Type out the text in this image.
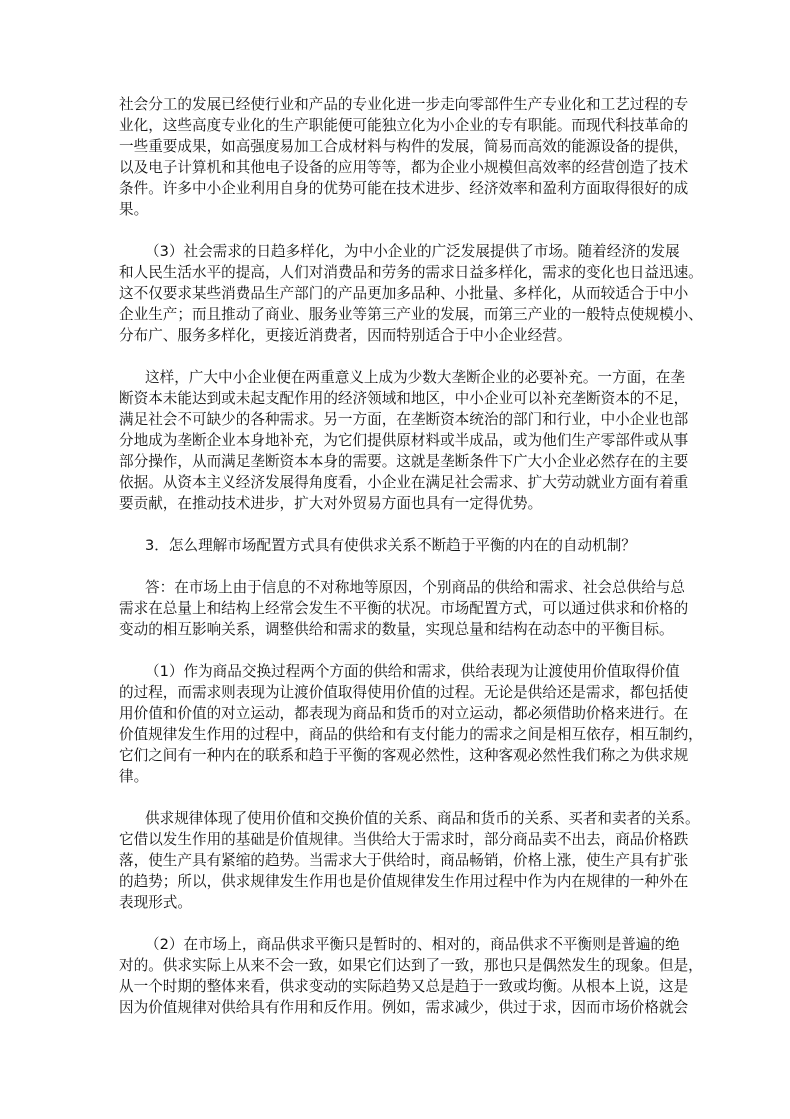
社会分工的发展已经使行业和产品的专业化进一步走向零部件生产专业化和工艺过程的专
业化，这些高度专业化的生产职能便可能独立化为小企业的专有职能。而现代科技革命的
一些重要成果，如高强度易加工合成材料与构件的发展，简易而高效的能源设备的提供，
以及电子计算机和其他电子设备的应用等等，都为企业小规模但高效率的经营创造了技术
条件。许多中小企业利用自身的优势可能在技术进步、经济效率和盈利方面取得很好的成
果。
（3）社会需求的日趋多样化，为中小企业的广泛发展提供了市场。随着经济的发展
和人民生活水平的提高，人们对消费品和劳务的需求日益多样化，需求的变化也日益迅速。
这不仅要求某些消费品生产部门的产品更加多品种、小批量、多样化，从而较适合于中小
企业生产；而且推动了商业、服务业等第三产业的发展，而第三产业的一般特点使规模小、
分布广、服务多样化，更接近消费者，因而特别适合于中小企业经营。
这样，广大中小企业便在两重意义上成为少数大垄断企业的必要补充。一方面，在垄
断资本未能达到或未起支配作用的经济领域和地区，中小企业可以补充垄断资本的不足，
满足社会不可缺少的各种需求。另一方面，在垄断资本统治的部门和行业，中小企业也部
分地成为垄断企业本身地补充，为它们提供原材料或半成品，或为他们生产零部件或从事
部分操作，从而满足垄断资本本身的需要。这就是垄断条件下广大小企业必然存在的主要
依据。从资本主义经济发展得角度看，小企业在满足社会需求、扩大劳动就业方面有着重
要贡献，在推动技术进步，扩大对外贸易方面也具有一定得优势。
3．怎么理解市场配置方式具有使供求关系不断趋于平衡的内在的自动机制？
答：在市场上由于信息的不对称地等原因，个别商品的供给和需求、社会总供给与总
需求在总量上和结构上经常会发生不平衡的状况。市场配置方式，可以通过供求和价格的
变动的相互影响关系，调整供给和需求的数量，实现总量和结构在动态中的平衡目标。
（1）作为商品交换过程两个方面的供给和需求，供给表现为让渡使用价值取得价值
的过程，而需求则表现为让渡价值取得使用价值的过程。无论是供给还是需求，都包括使
用价值和价值的对立运动，都表现为商品和货币的对立运动，都必须借助价格来进行。在
价值规律发生作用的过程中，商品的供给和有支付能力的需求之间是相互依存，相互制约，
它们之间有一种内在的联系和趋于平衡的客观必然性，这种客观必然性我们称之为供求规
律。
供求规律体现了使用价值和交换价值的关系、商品和货币的关系、买者和卖者的关系。
它借以发生作用的基础是价值规律。当供给大于需求时，部分商品卖不出去，商品价格跌
落，使生产具有紧缩的趋势。当需求大于供给时，商品畅销，价格上涨，使生产具有扩张
的趋势；所以，供求规律发生作用也是价值规律发生作用过程中作为内在规律的一种外在
表现形式。
（2）在市场上，商品供求平衡只是暂时的、相对的，商品供求不平衡则是普遍的绝
对的。供求实际上从来不会一致，如果它们达到了一致，那也只是偶然发生的现象。但是，
从一个时期的整体来看，供求变动的实际趋势又总是趋于一致或均衡。从根本上说，这是
因为价值规律对供给具有作用和反作用。例如，需求减少，供过于求，因而市场价格就会
